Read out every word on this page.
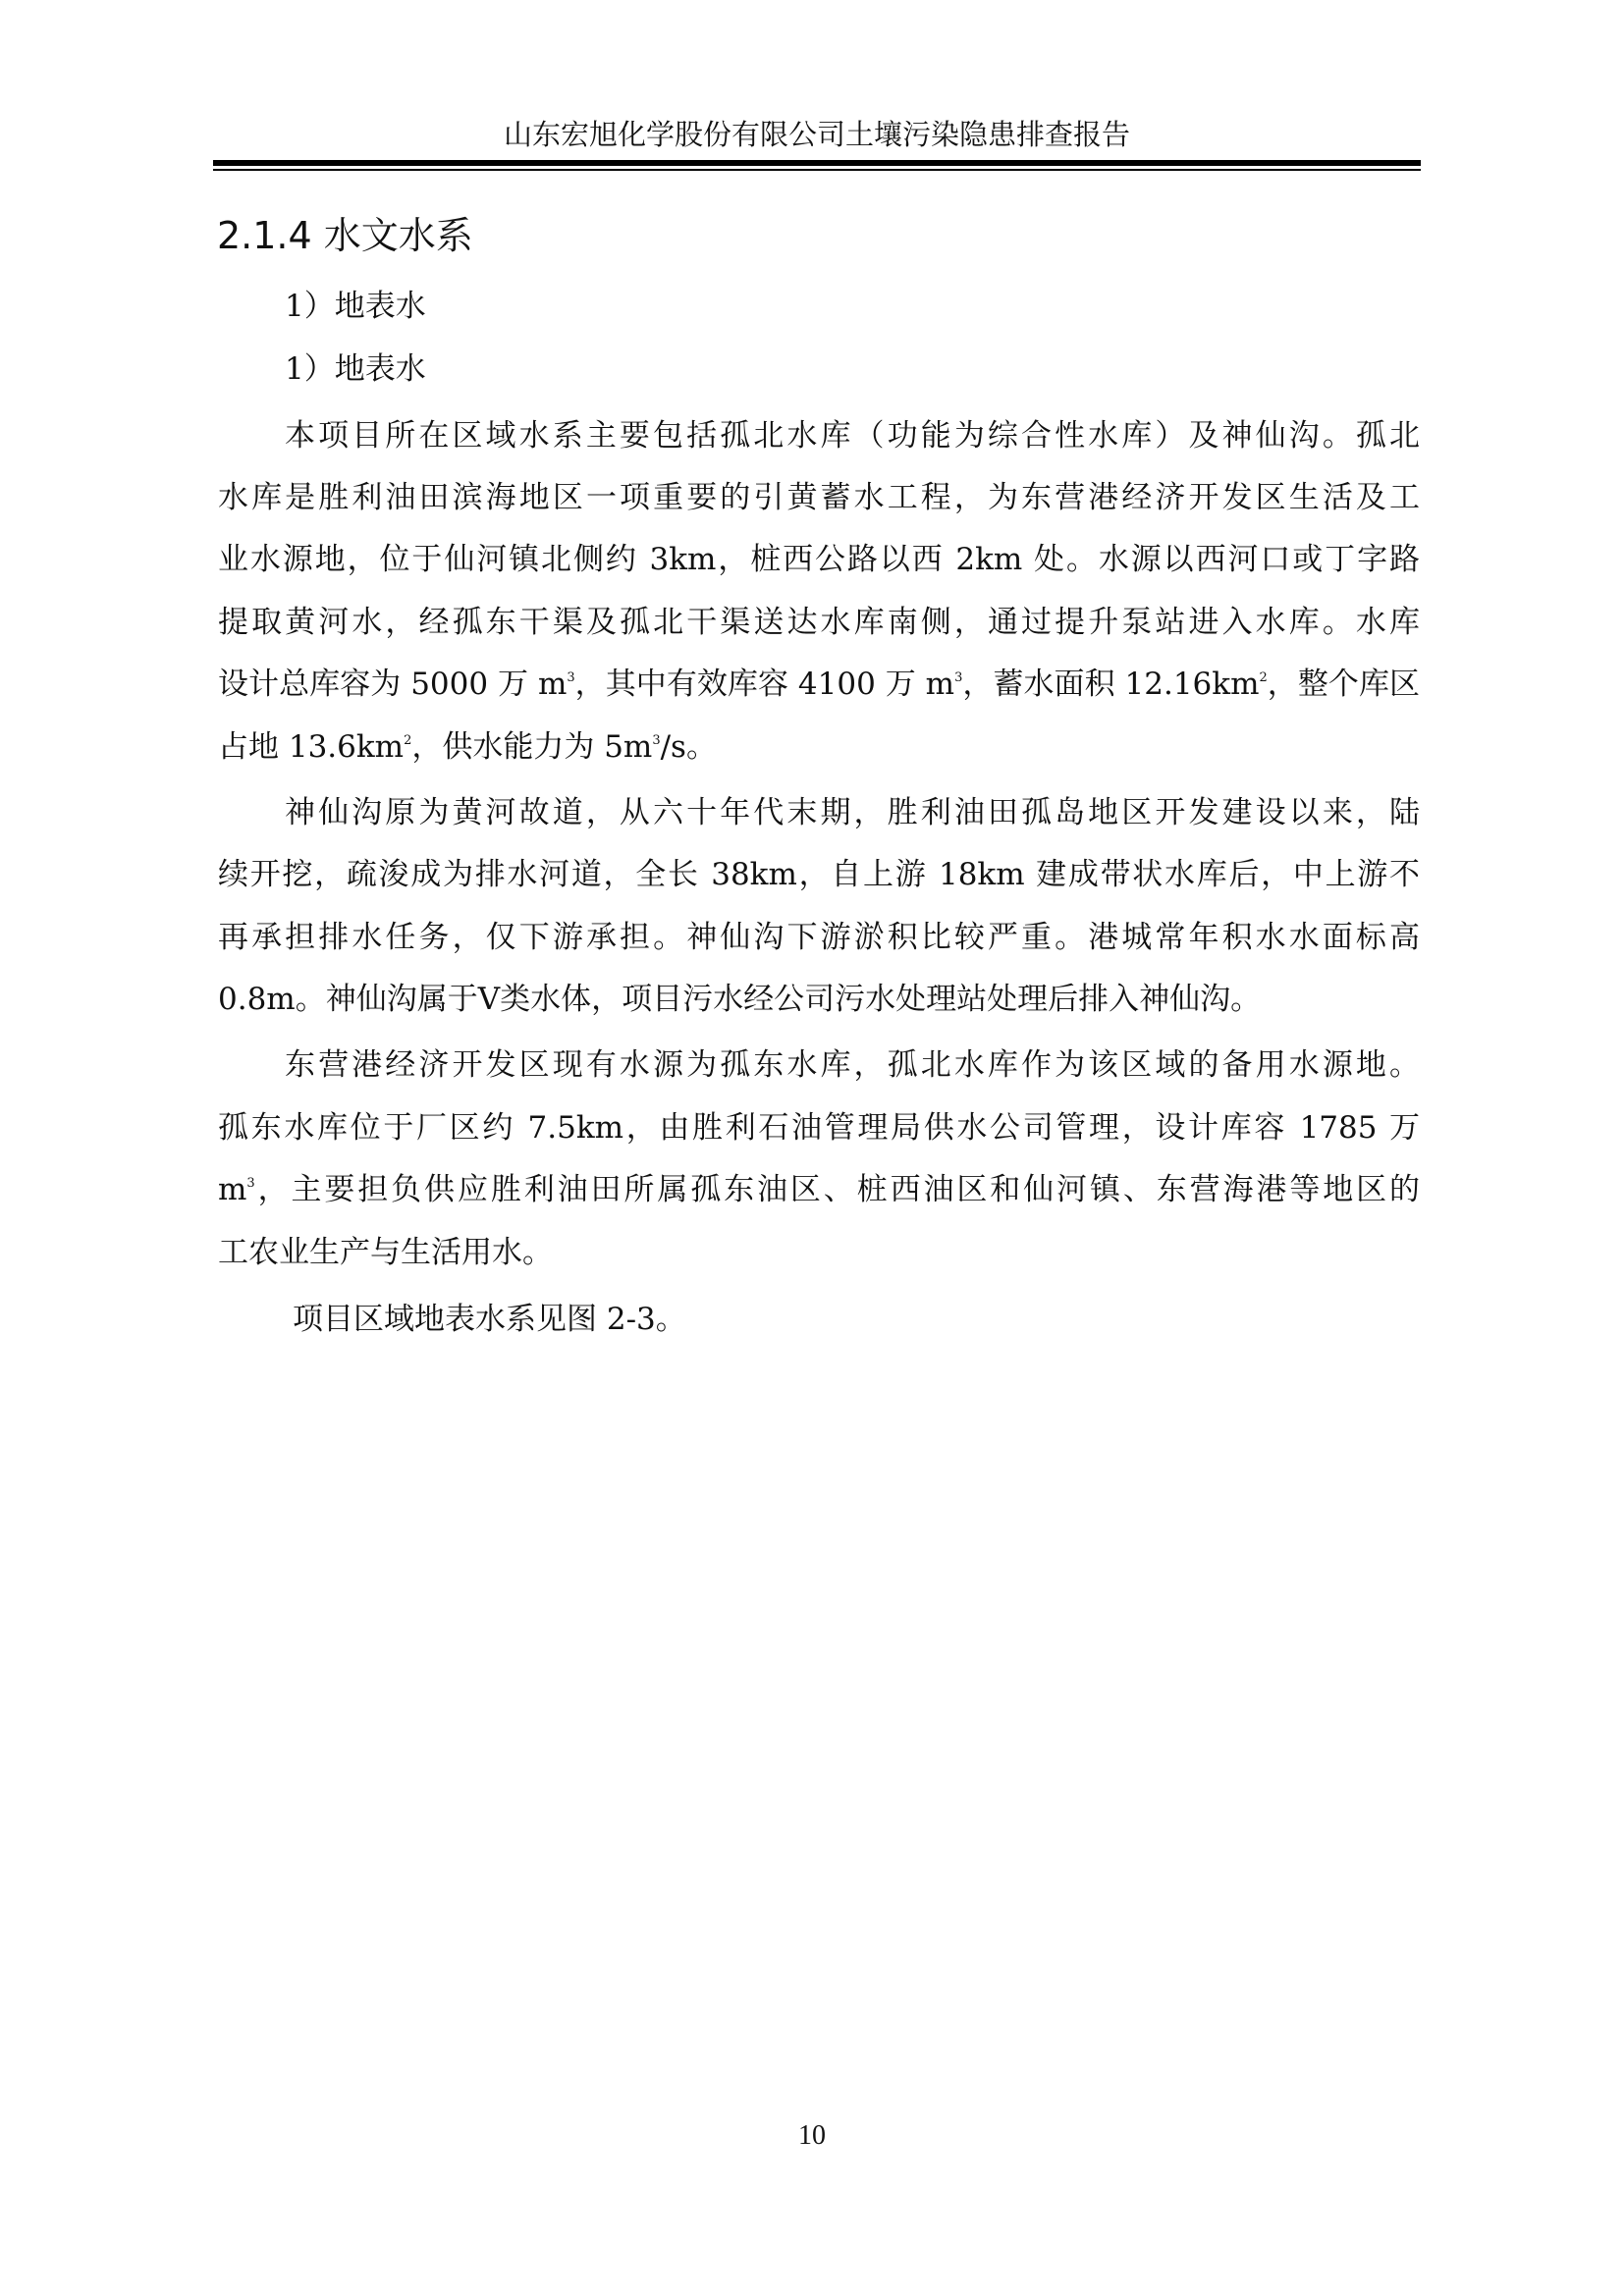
山东宏旭化学股份有限公司土壤污染隐患排查报告
2.1.4 水文水系
1）地表水
1）地表水
本项目所在区域水系主要包括孤北水库（功能为综合性水库）及神仙沟。孤北
水库是胜利油田滨海地区一项重要的引黄蓄水工程，为东营港经济开发区生活及工
业水源地，位于仙河镇北侧约 3km，桩西公路以西 2km 处。水源以西河口或丁字路
提取黄河水，经孤东干渠及孤北干渠送达水库南侧，通过提升泵站进入水库。水库
设计总库容为 5000 万 $m^3$，其中有效库容 4100 万 $m^3$，蓄水面积 $12.16km^2$，整个库区
占地 $13.6km^2$，供水能力为 $5m^3/s$。
神仙沟原为黄河故道，从六十年代末期，胜利油田孤岛地区开发建设以来，陆
续开挖，疏浚成为排水河道，全长 38km，自上游 18km 建成带状水库后，中上游不
再承担排水任务，仅下游承担。神仙沟下游淤积比较严重。港城常年积水水面标高
0.8m。神仙沟属于Ⅴ类水体，项目污水经公司污水处理站处理后排入神仙沟。
东营港经济开发区现有水源为孤东水库，孤北水库作为该区域的备用水源地。
孤东水库位于厂区约 7.5km，由胜利石油管理局供水公司管理，设计库容 1785 万
$m^3$，主要担负供应胜利油田所属孤东油区、桩西油区和仙河镇、东营海港等地区的
工农业生产与生活用水。
项目区域地表水系见图 2-3。
10
